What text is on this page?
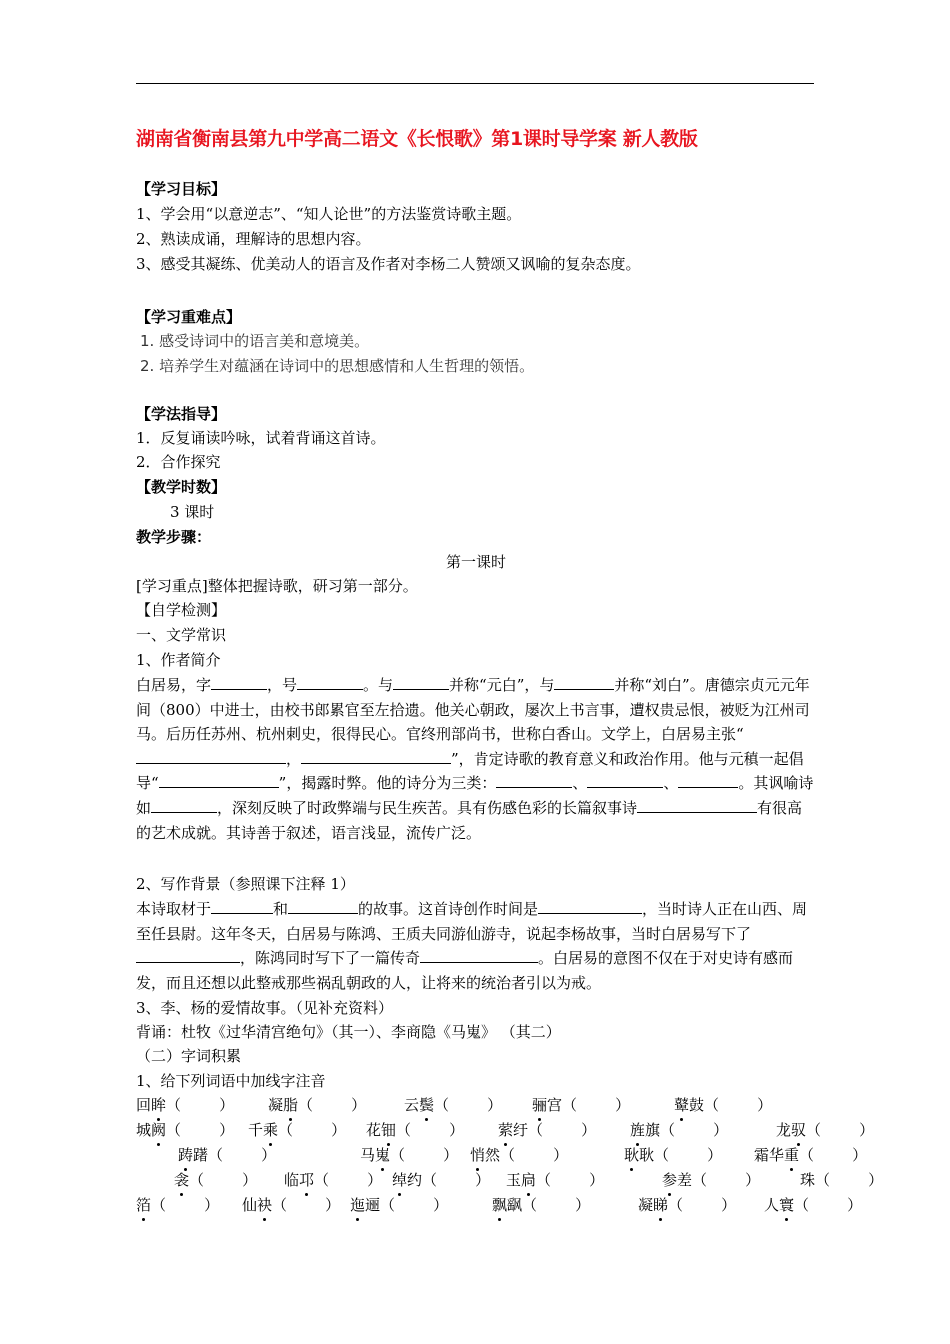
湖南省衡南县第九中学高二语文《长恨歌》第1课时导学案 新人教版
【学习目标】
1、学会用“以意逆志”、“知人论世”的方法鉴赏诗歌主题。
2、熟读成诵，理解诗的思想内容。
3、感受其凝练、优美动人的语言及作者对李杨二人赞颂又讽喻的复杂态度。
【学习重难点】
1. 感受诗词中的语言美和意境美。
2. 培养学生对蕴涵在诗词中的思想感情和人生哲理的领悟。
【学法指导】
1．反复诵读吟咏，试着背诵这首诗。
2．合作探究
【教学时数】
3 课时
教学步骤：
第一课时
[学习重点]整体把握诗歌，研习第一部分。
【自学检测】
一、文学常识
1、作者简介
白居易，字	，号	。与	并称“元白”，与	并称“刘白”。唐德宗贞元元年间（800）中进士，由校书郎累官至左拾遗。他关心朝政，屡次上书言事，遭权贵忌恨，被贬为江州司马。后历任苏州、杭州刺史，很得民心。官终刑部尚书，世称白香山。文学上，白居易主张“，	”，肯定诗歌的教育意义和政治作用。他与元稹一起倡导“	”，揭露时弊。他的诗分为三类：	、	、	。其讽喻诗如	，深刻反映了时政弊端与民生疾苦。具有伤感色彩的长篇叙事诗	有很高的艺术成就。其诗善于叙述，语言浅显，流传广泛。
2、写作背景（参照课下注释 1）
本诗取材于	和	的故事。这首诗创作时间是	，当时诗人正在山西、周至任县尉。这年冬天，白居易与陈鸿、王质夫同游仙游寺，说起李杨故事，当时白居易写下了，陈鸿同时写下了一篇传奇	。白居易的意图不仅在于对史诗有感而发，而且还想以此整戒那些祸乱朝政的人，让将来的统治者引以为戒。
3、李、杨的爱情故事。（见补充资料）
背诵：杜牧《过华清宫绝句》（其一）、李商隐《马嵬》 （其二）
（二）字词积累
1、给下列词语中加线字注音
回眸（        ） 凝脂（        ）	云鬓（        ） 骊宫（        ）	鼙鼓（        ）
城阙（        ） 千乘（        ） 花钿（        ） 萦纡（        ） 旌旗（        ）	龙驭（        ）
踌躇（        ）	马嵬（        ） 悄然（        ）	耿耿（        ） 霜华重（        ）
衾（        ） 临邛（        ） 绰约（        ） 玉扃（        ）	参差（        ）	珠（        ）
箔（        ） 仙袂（        ） 迤逦（        ）	飘飖（        ）	凝睇（        ） 人寰（        ）
